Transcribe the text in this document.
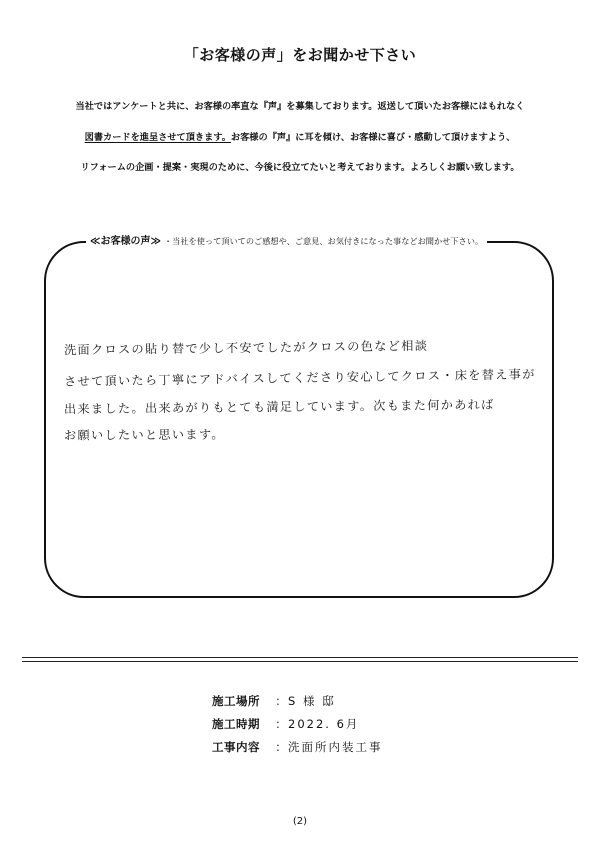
「お客様の声」をお聞かせ下さい
当社ではアンケートと共に、お客様の率直な『声』を募集しております。返送して頂いたお客様にはもれなく
図書カードを進呈させて頂きます。お客様の『声』に耳を傾け、お客様に喜び・感動して頂けますよう、
リフォームの企画・提案・実現のために、今後に役立てたいと考えております。よろしくお願い致します。
≪お客様の声≫ ・当社を使って頂いてのご感想や、ご意見、お気付きになった事などお聞かせ下さい。
洗面クロスの貼り替で少し不安でしたがクロスの色など相談
させて頂いたら丁寧にアドバイスしてくださり安心してクロス・床を替え事が
出来ました。出来あがりもとても満足しています。次もまた何かあれば
お願いしたいと思います。
施工場所 ：S 様 邸
施工時期 ：2022. 6月
工事内容 ：洗面所内装工事
(2)
